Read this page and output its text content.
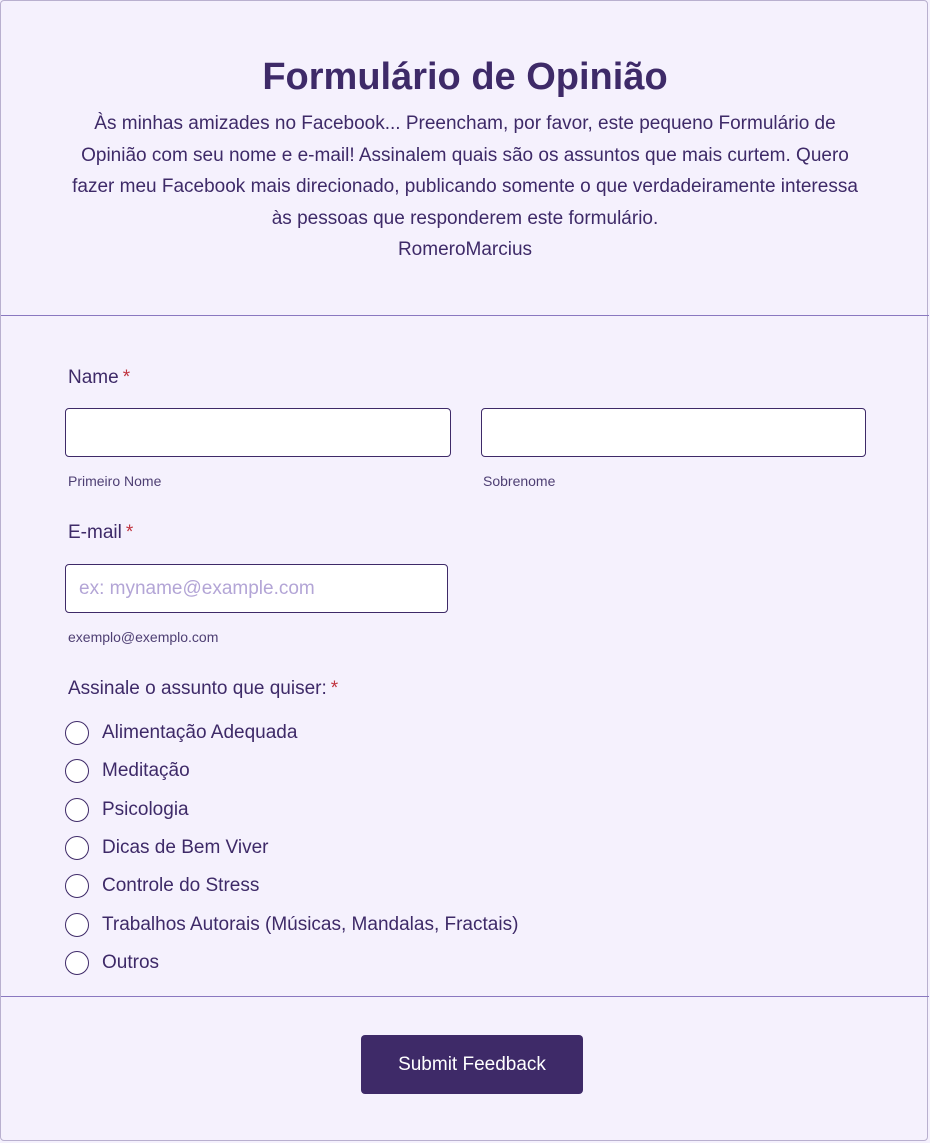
Formulário de Opinião

Às minhas amizades no Facebook... Preencham, por favor, este pequeno Formulário de Opinião com seu nome e e-mail! Assinalem quais são os assuntos que mais curtem. Quero fazer meu Facebook mais direcionado, publicando somente o que verdadeiramente interessa às pessoas que responderem este formulário.
RomeroMarcius

Name *

Primeiro Nome	Sobrenome

E-mail *

ex: myname@example.com
exemplo@exemplo.com

Assinale o assunto que quiser: *

Alimentação Adequada
Meditação
Psicologia
Dicas de Bem Viver
Controle do Stress
Trabalhos Autorais (Músicas, Mandalas, Fractais)
Outros
Submit Feedback
